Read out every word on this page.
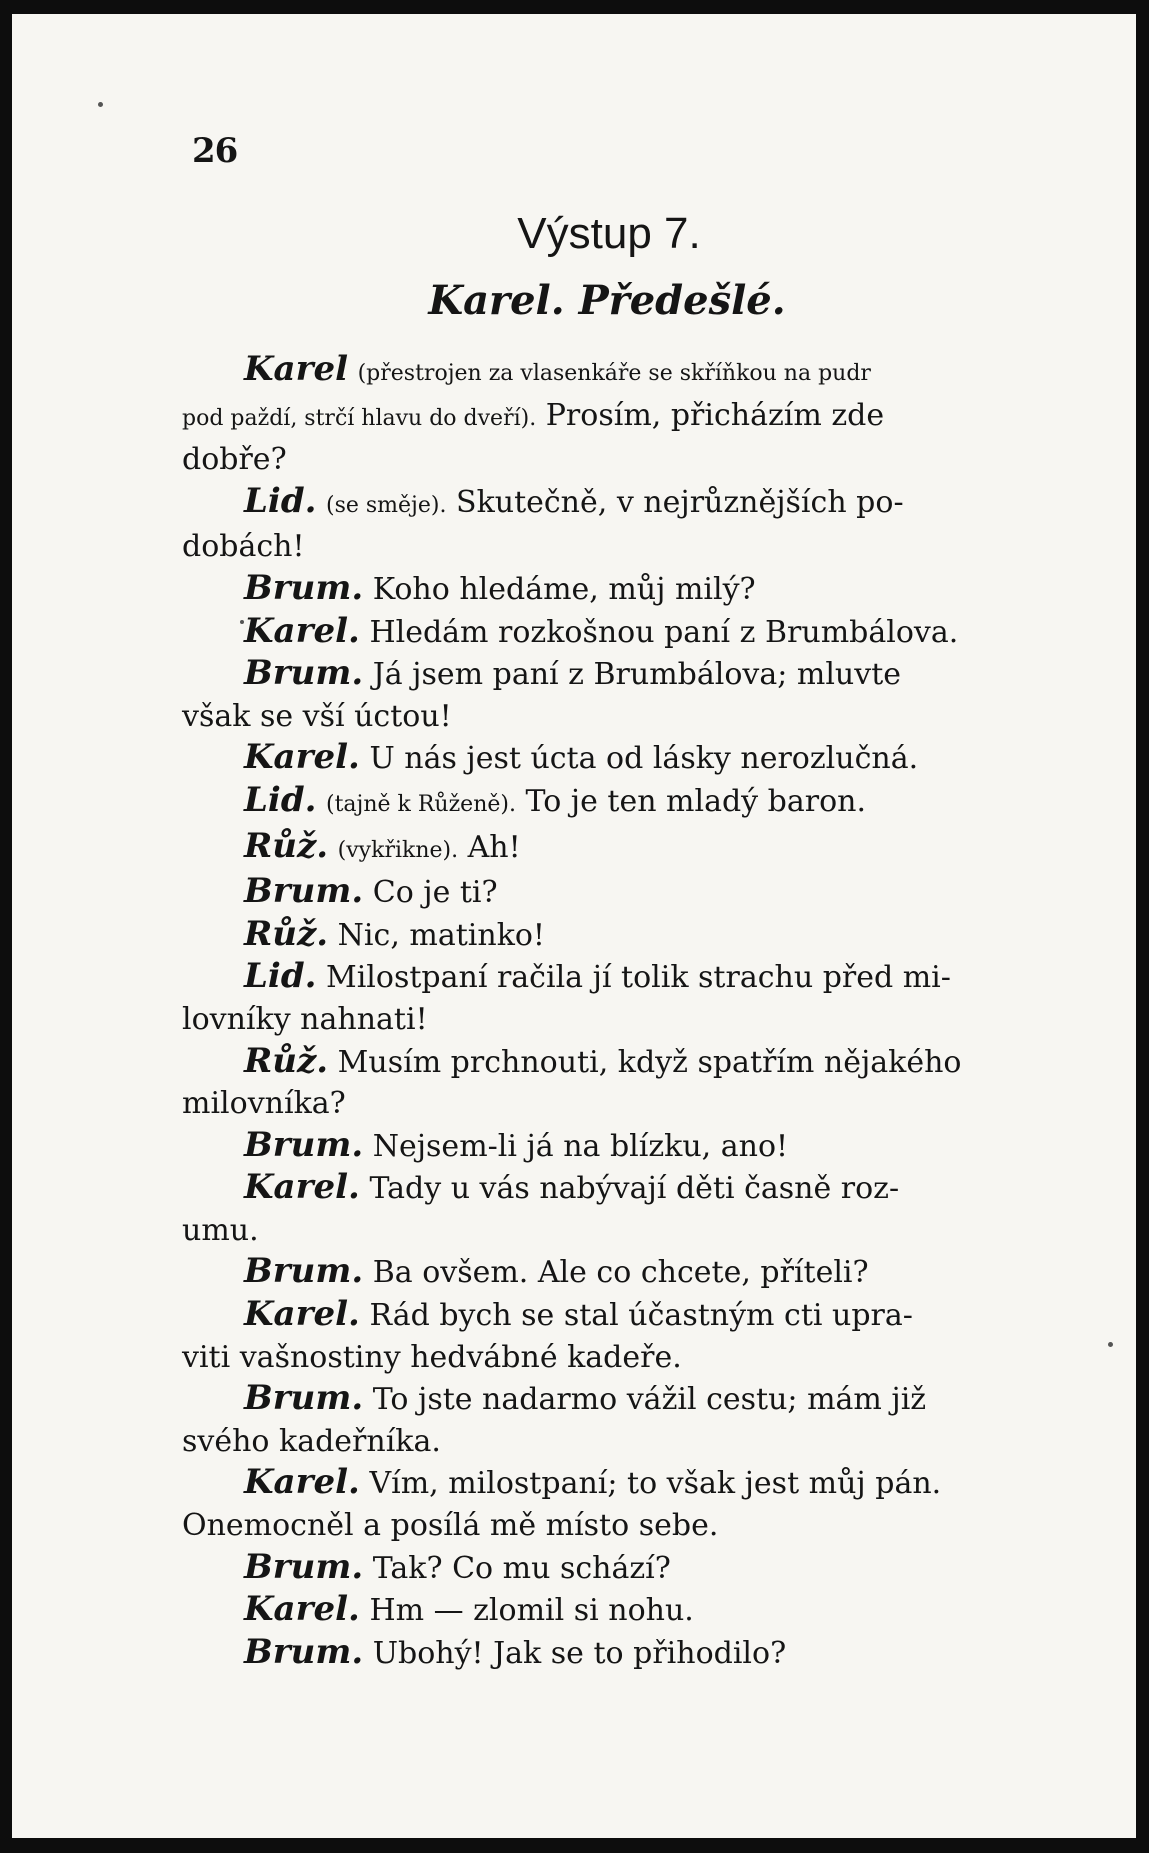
26
Výstup 7.
Karel. Předešlé.
Karel (přestrojen za vlasenkáře se skříňkou na pudr
pod paždí, strčí hlavu do dveří). Prosím, přicházím zde
dobře?
Lid. (se směje). Skutečně, v nejrůznějších po-
dobách!
Brum. Koho hledáme, můj milý?
Karel. Hledám rozkošnou paní z Brumbálova.
Brum. Já jsem paní z Brumbálova; mluvte
však se vší úctou!
Karel. U nás jest úcta od lásky nerozlučná.
Lid. (tajně k Růženě). To je ten mladý baron.
Růž. (vykřikne). Ah!
Brum. Co je ti?
Růž. Nic, matinko!
Lid. Milostpaní račila jí tolik strachu před mi-
lovníky nahnati!
Růž. Musím prchnouti, když spatřím nějakého
milovníka?
Brum. Nejsem-li já na blízku, ano!
Karel. Tady u vás nabývají děti časně roz-
umu.
Brum. Ba ovšem. Ale co chcete, příteli?
Karel. Rád bych se stal účastným cti upra-
viti vašnostiny hedvábné kadeře.
Brum. To jste nadarmo vážil cestu; mám již
svého kadeřníka.
Karel. Vím, milostpaní; to však jest můj pán.
Onemocněl a posílá mě místo sebe.
Brum. Tak? Co mu schází?
Karel. Hm — zlomil si nohu.
Brum. Ubohý! Jak se to přihodilo?
